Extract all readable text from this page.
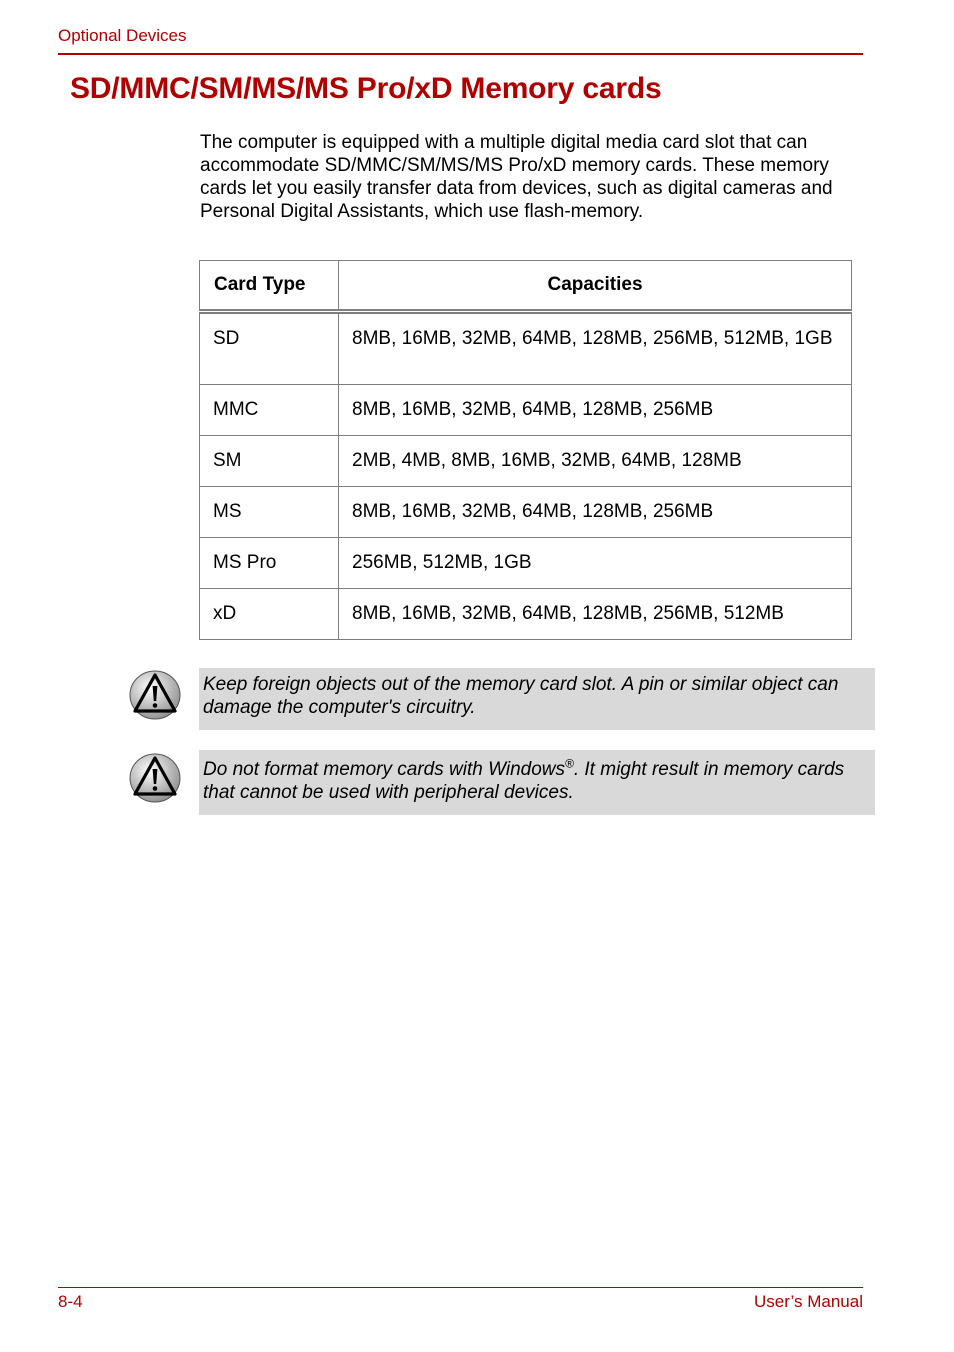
Optional Devices
SD/MMC/SM/MS/MS Pro/xD Memory cards

The computer is equipped with a multiple digital media card slot that can accommodate SD/MMC/SM/MS/MS Pro/xD memory cards. These memory cards let you easily transfer data from devices, such as digital cameras and Personal Digital Assistants, which use flash-memory.

Card Type	Capacities
SD	8MB, 16MB, 32MB, 64MB, 128MB, 256MB, 512MB, 1GB
MMC	8MB, 16MB, 32MB, 64MB, 128MB, 256MB
SM	2MB, 4MB, 8MB, 16MB, 32MB, 64MB, 128MB
MS	8MB, 16MB, 32MB, 64MB, 128MB, 256MB
MS Pro	256MB, 512MB, 1GB
xD	8MB, 16MB, 32MB, 64MB, 128MB, 256MB, 512MB

Keep foreign objects out of the memory card slot. A pin or similar object can damage the computer's circuitry.

Do not format memory cards with Windows®. It might result in memory cards that cannot be used with peripheral devices.

8-4	User’s Manual
